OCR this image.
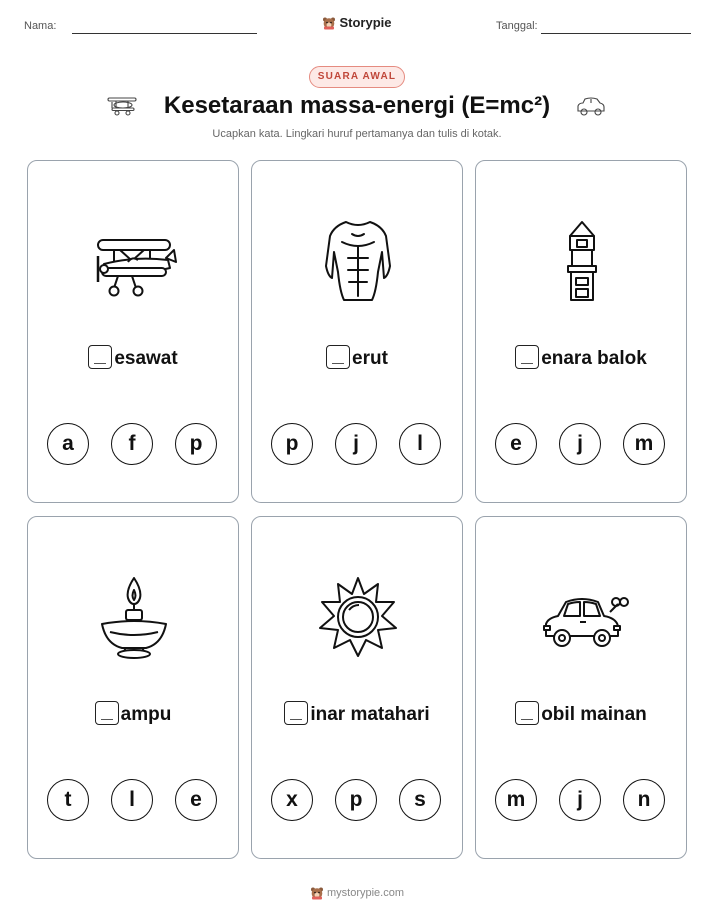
Nama:	Tanggal:
Storypie
SUARA AWAL
Kesetaraan massa-energi (E=mc²)
Ucapkan kata. Lingkari huruf pertamanya dan tulis di kotak.
esawat
a	f	p
erut
p	j	l
enara balok
e	j	m
ampu
t	l	e
inar matahari
x	p	s
obil mainan
m	j	n
mystorypie.com
